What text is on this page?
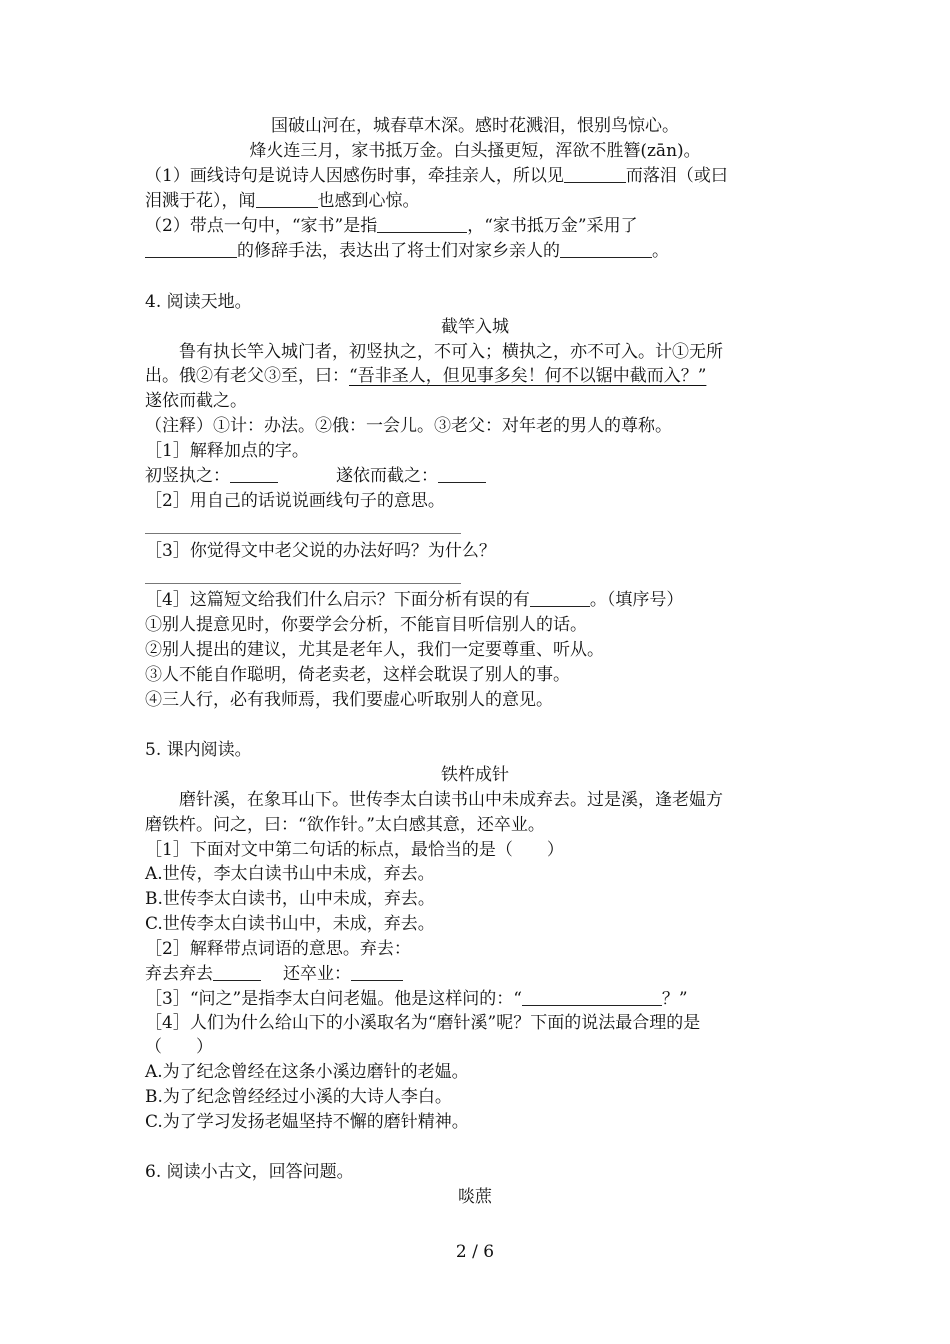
国破山河在，城春草木深。感时花溅泪，恨别鸟惊心。
烽火连三月，家书抵万金。白头搔更短，浑欲不胜簪(zān)。
（1）画线诗句是说诗人因感伤时事，牵挂亲人，所以见	而落泪（或曰
泪溅于花），闻	也感到心惊。
（2）带点一句中，“家书”是指	，“家书抵万金”采用了
的修辞手法，表达出了将士们对家乡亲人的	。
4. 阅读天地。
截竿入城
鲁有执长竿入城门者，初竖执之，不可入；横执之，亦不可入。计①无所
出。俄②有老父③至，曰：“吾非圣人，但见事多矣！何不以锯中截而入？”
遂依而截之。
（注释）①计：办法。②俄：一会儿。③老父：对年老的男人的尊称。
［1］解释加点的字。
初竖执之：	遂依而截之：
［2］用自己的话说说画线句子的意思。
［3］你觉得文中老父说的办法好吗？为什么？
［4］这篇短文给我们什么启示？下面分析有误的有	。（填序号）
①别人提意见时，你要学会分析，不能盲目听信别人的话。
②别人提出的建议，尤其是老年人，我们一定要尊重、听从。
③人不能自作聪明，倚老卖老，这样会耽误了别人的事。
④三人行，必有我师焉，我们要虚心听取别人的意见。
5. 课内阅读。
铁杵成针
磨针溪，在象耳山下。世传李太白读书山中未成弃去。过是溪，逢老媪方
磨铁杵。问之，曰：“欲作针。”太白感其意，还卒业。
［1］下面对文中第二句话的标点，最恰当的是（　　）
A.世传，李太白读书山中未成，弃去。
B.世传李太白读书，山中未成，弃去。
C.世传李太白读书山中，未成，弃去。
［2］解释带点词语的意思。弃去：
弃去弃去	还卒业：
［3］“问之”是指李太白问老媪。他是这样问的：“	？”
［4］人们为什么给山下的小溪取名为“磨针溪”呢？下面的说法最合理的是
（　　）
A.为了纪念曾经在这条小溪边磨针的老媪。
B.为了纪念曾经经过小溪的大诗人李白。
C.为了学习发扬老媪坚持不懈的磨针精神。
6. 阅读小古文，回答问题。
啖蔗
2 / 6
